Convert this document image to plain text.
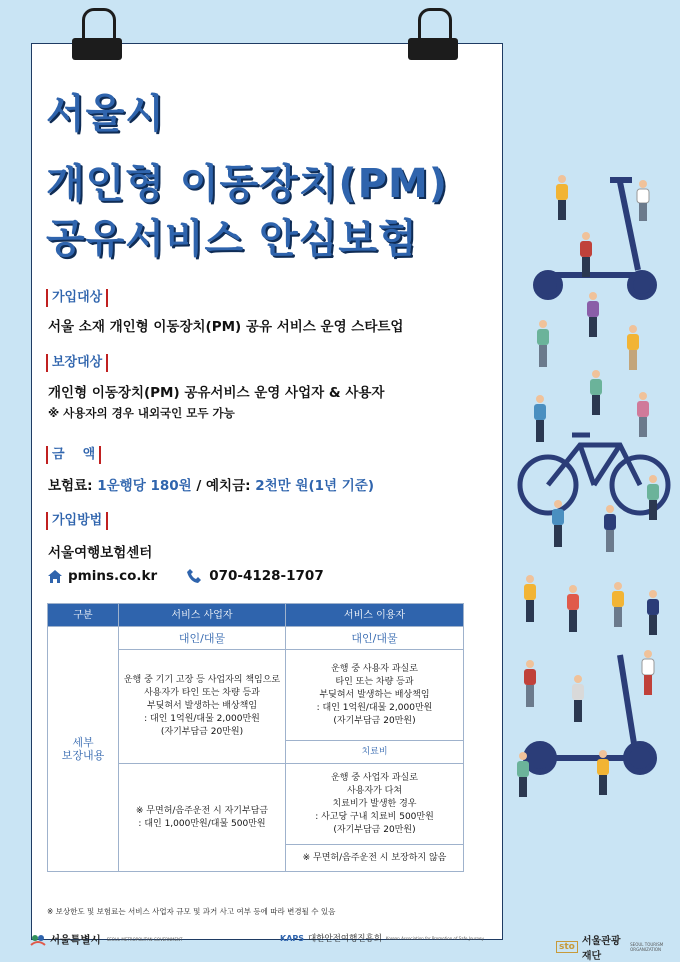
서울시
개인형 이동장치(PM)
공유서비스 안심보험
가입대상
서울 소재 개인형 이동장치(PM) 공유 서비스 운영 스타트업
보장대상
개인형 이동장치(PM) 공유서비스 운영 사업자 & 사용자
※ 사용자의 경우 내외국인 모두 가능
금    액
보험료: 1운행당 180원 / 예치금: 2천만 원(1년 기준)
가입방법
서울여행보험센터
pmins.co.kr	070-4128-1707
구분	서비스 사업자	서비스 이용자
세부
보장내용	대인/대물	대인/대물
	운행 중 기기 고장 등 사업자의 책임으로
사용자가 타인 또는 차량 등과
부딪혀서 발생하는 배상책임
: 대인 1억원/대물 2,000만원
(자기부담금 20만원)	운행 중 사용자 과실로
타인 또는 차량 등과
부딪혀서 발생하는 배상책임
: 대인 1억원/대물 2,000만원
(자기부담금 20만원)
		치료비
	※ 무면허/음주운전 시 자기부담금
: 대인 1,000만원/대물 500만원	운행 중 사업자 과실로
사용자가 다쳐
치료비가 발생한 경우
: 사고당 구내 치료비 500만원
(자기부담금 20만원)
		※ 무면허/음주운전 시 보장하지 않음
※ 보상한도 및 보험료는 서비스 사업자 규모 및 과거 사고 여부 등에 따라 변경될 수 있음
서울특별시 SEOUL METROPOLITAN GOVERNMENT	KAPS 대한안전여행진흥회 Korean Association for Promotion of Safe Journey
sto 서울관광재단
SEOUL TOURISM ORGANIZATION
